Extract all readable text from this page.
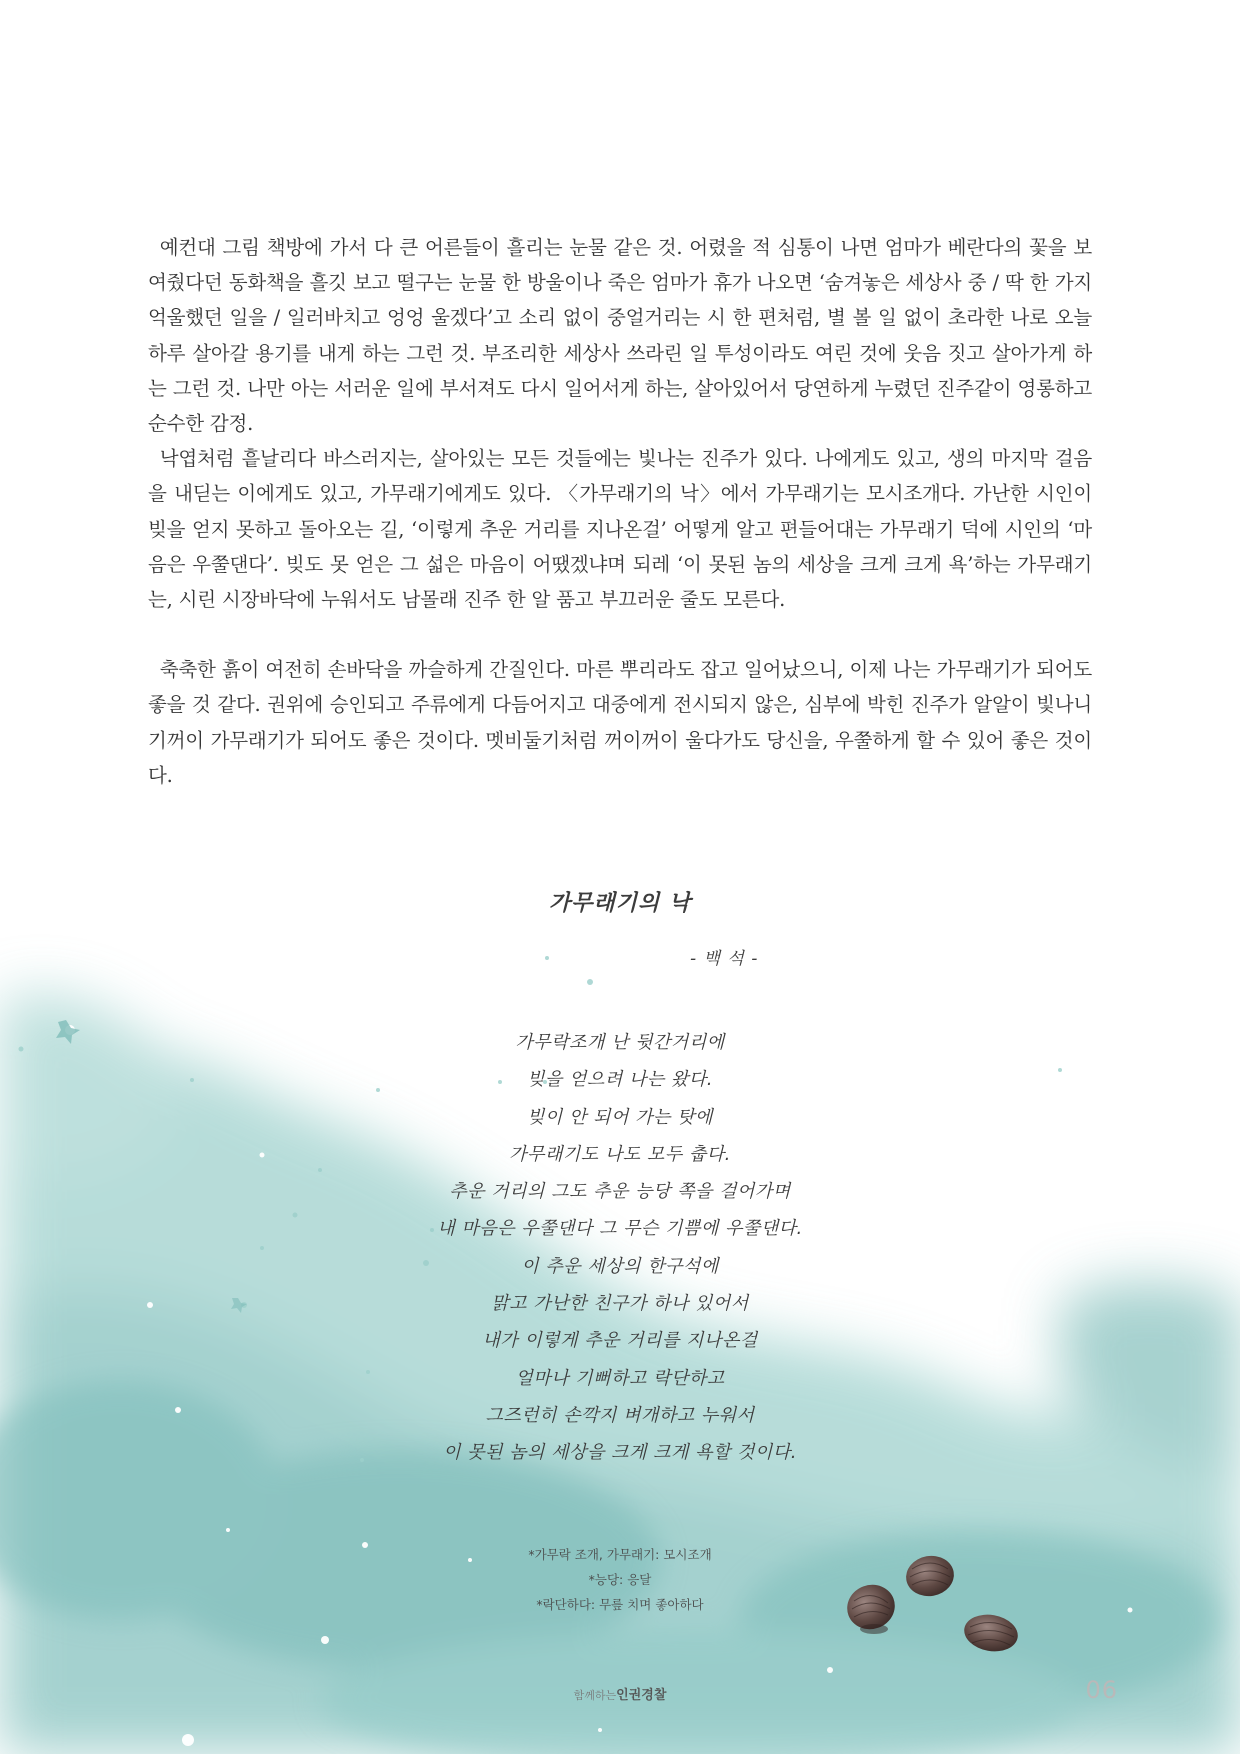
예컨대 그림 책방에 가서 다 큰 어른들이 흘리는 눈물 같은 것. 어렸을 적 심통이 나면 엄마가 베란다의 꽃을 보여줬다던 동화책을 흘깃 보고 떨구는 눈물 한 방울이나 죽은 엄마가 휴가 나오면 ‘숨겨놓은 세상사 중 / 딱 한 가지 억울했던 일을 / 일러바치고 엉엉 울겠다’고 소리 없이 중얼거리는 시 한 편처럼, 별 볼 일 없이 초라한 나로 오늘 하루 살아갈 용기를 내게 하는 그런 것. 부조리한 세상사 쓰라린 일 투성이라도 여린 것에 웃음 짓고 살아가게 하는 그런 것. 나만 아는 서러운 일에 부서져도 다시 일어서게 하는, 살아있어서 당연하게 누렸던 진주같이 영롱하고 순수한 감정.

낙엽처럼 흩날리다 바스러지는, 살아있는 모든 것들에는 빛나는 진주가 있다. 나에게도 있고, 생의 마지막 걸음을 내딛는 이에게도 있고, 가무래기에게도 있다. 〈가무래기의 낙〉에서 가무래기는 모시조개다. 가난한 시인이 빚을 얻지 못하고 돌아오는 길, ‘이렇게 추운 거리를 지나온걸’ 어떻게 알고 편들어대는 가무래기 덕에 시인의 ‘마음은 우쭐댄다’. 빚도 못 얻은 그 섧은 마음이 어땠겠냐며 되레 ‘이 못된 놈의 세상을 크게 크게 욕’하는 가무래기는, 시린 시장바닥에 누워서도 남몰래 진주 한 알 품고 부끄러운 줄도 모른다.

축축한 흙이 여전히 손바닥을 까슬하게 간질인다. 마른 뿌리라도 잡고 일어났으니, 이제 나는 가무래기가 되어도 좋을 것 같다. 권위에 승인되고 주류에게 다듬어지고 대중에게 전시되지 않은, 심부에 박힌 진주가 알알이 빛나니 기꺼이 가무래기가 되어도 좋은 것이다. 멧비둘기처럼 꺼이꺼이 울다가도 당신을, 우쭐하게 할 수 있어 좋은 것이다.

가무래기의 낙

- 백 석 -

가무락조개 난 뒷간거리에
빚을 얻으려 나는 왔다.
빚이 안 되어 가는 탓에
가무래기도 나도 모두 춥다.
추운 거리의 그도 추운 능당 쪽을 걸어가며
내 마음은 우쭐댄다 그 무슨 기쁨에 우쭐댄다.
이 추운 세상의 한구석에
맑고 가난한 친구가 하나 있어서
내가 이렇게 추운 거리를 지나온걸
얼마나 기뻐하고 락단하고
그즈런히 손깍지 벼개하고 누워서
이 못된 놈의 세상을 크게 크게 욕할 것이다.
*가무락 조개, 가무래기: 모시조개
*능당: 응달
*락단하다: 무릎 치며 좋아하다
함께하는인권경찰	06
